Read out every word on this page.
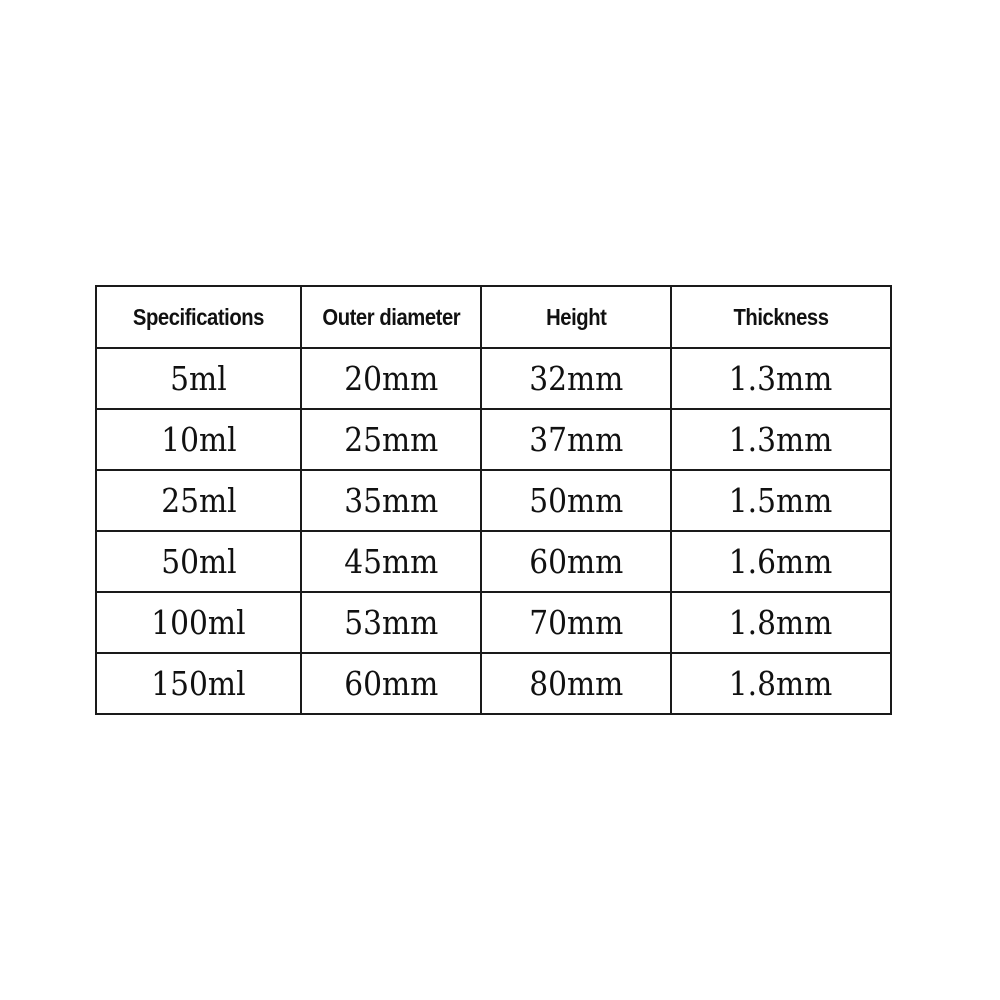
Specifications	Outer diameter	Height	Thickness
5ml	20mm	32mm	1.3mm
10ml	25mm	37mm	1.3mm
25ml	35mm	50mm	1.5mm
50ml	45mm	60mm	1.6mm
100ml	53mm	70mm	1.8mm
150ml	60mm	80mm	1.8mm
